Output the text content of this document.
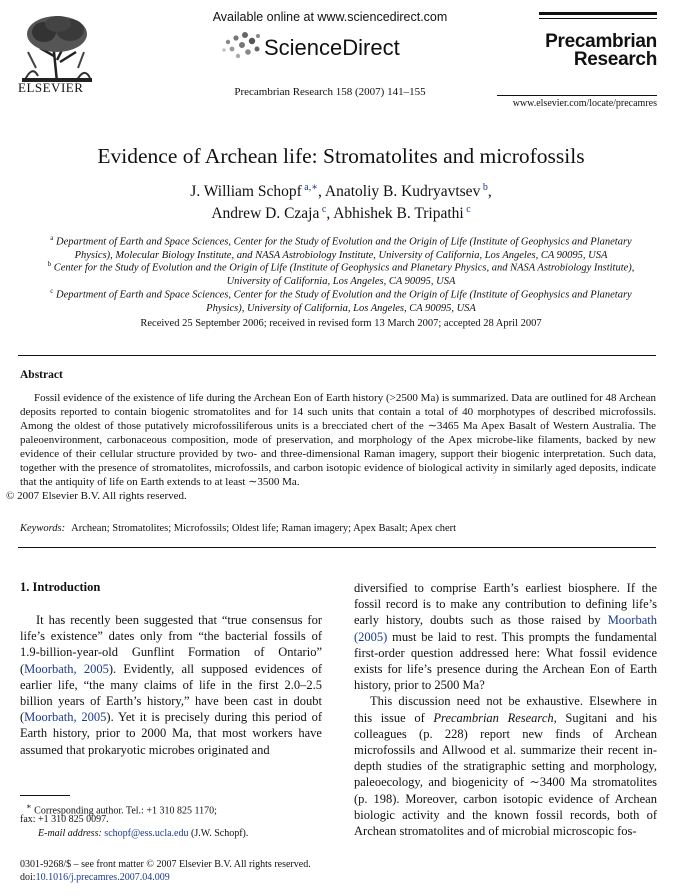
ELSEVIER
Available online at www.sciencedirect.com
ScienceDirect
Precambrian Research 158 (2007) 141–155
Precambrian
Research
www.elsevier.com/locate/precamres
Evidence of Archean life: Stromatolites and microfossils
J. William Schopf $^{a,∗}$, Anatoliy B. Kudryavtsev $^b$,
Andrew D. Czaja $^c$, Abhishek B. Tripathi $^c$
$^a$ Department of Earth and Space Sciences, Center for the Study of Evolution and the Origin of Life (Institute of Geophysics and Planetary Physics), Molecular Biology Institute, and NASA Astrobiology Institute, University of California, Los Angeles, CA 90095, USA
$^b$ Center for the Study of Evolution and the Origin of Life (Institute of Geophysics and Planetary Physics, and NASA Astrobiology Institute), University of California, Los Angeles, CA 90095, USA
$^c$ Department of Earth and Space Sciences, Center for the Study of Evolution and the Origin of Life (Institute of Geophysics and Planetary Physics), University of California, Los Angeles, CA 90095, USA
Received 25 September 2006; received in revised form 13 March 2007; accepted 28 April 2007
Abstract
Fossil evidence of the existence of life during the Archean Eon of Earth history (>2500 Ma) is summarized. Data are outlined for 48 Archean deposits reported to contain biogenic stromatolites and for 14 such units that contain a total of 40 morphotypes of described microfossils. Among the oldest of those putatively microfossiliferous units is a brecciated chert of the ∼3465 Ma Apex Basalt of Western Australia. The paleoenvironment, carbonaceous composition, mode of preservation, and morphology of the Apex microbe-like filaments, backed by new evidence of their cellular structure provided by two- and three-dimensional Raman imagery, support their biogenic interpretation. Such data, together with the presence of stromatolites, microfossils, and carbon isotopic evidence of biological activity in similarly aged deposits, indicate that the antiquity of life on Earth extends to at least ∼3500 Ma.
© 2007 Elsevier B.V. All rights reserved.
Keywords: Archean; Stromatolites; Microfossils; Oldest life; Raman imagery; Apex Basalt; Apex chert
1. Introduction
It has recently been suggested that “true consensus for life’s existence” dates only from “the bacterial fossils of 1.9-billion-year-old Gunflint Formation of Ontario” (Moorbath, 2005). Evidently, all supposed evidences of earlier life, “the many claims of life in the first 2.0–2.5 billion years of Earth’s history,” have been cast in doubt (Moorbath, 2005). Yet it is precisely during this period of Earth history, prior to 2000 Ma, that most workers have assumed that prokaryotic microbes originated and

diversified to comprise Earth’s earliest biosphere. If the fossil record is to make any contribution to defining life’s early history, doubts such as those raised by Moorbath (2005) must be laid to rest. This prompts the fundamental first-order question addressed here: What fossil evidence exists for life’s presence during the Archean Eon of Earth history, prior to 2500 Ma?

This discussion need not be exhaustive. Elsewhere in this issue of Precambrian Research, Sugitani and his colleagues (p. 228) report new finds of Archean microfossils and Allwood et al. summarize their recent in-depth studies of the stratigraphic setting and morphology, paleoecology, and biogenicity of ∼3400 Ma stromatolites (p. 198). Moreover, carbon isotopic evidence of Archean biologic activity and the known fossil records, both of Archean stromatolites and of microbial microscopic fos-

∗ Corresponding author. Tel.: +1 310 825 1170;
fax: +1 310 825 0097.
E-mail address: schopf@ess.ucla.edu (J.W. Schopf).
0301-9268/$ – see front matter © 2007 Elsevier B.V. All rights reserved.
doi:10.1016/j.precamres.2007.04.009
